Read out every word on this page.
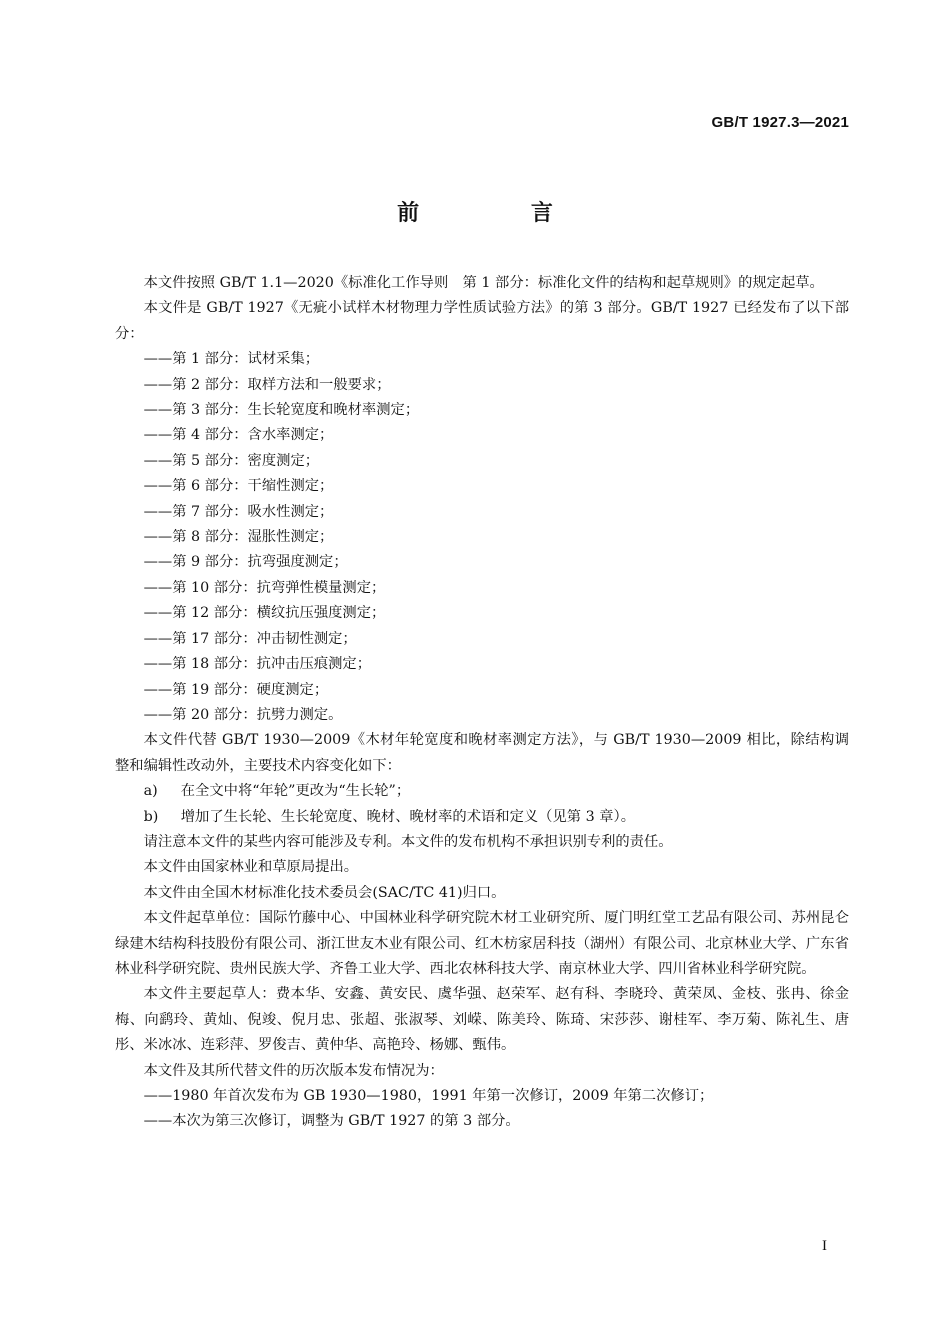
GB/T 1927.3—2021
前 言

本文件按照 GB/T 1.1—2020《标准化工作导则　第 1 部分：标准化文件的结构和起草规则》的规定起草。

本文件是 GB/T 1927《无疵小试样木材物理力学性质试验方法》的第 3 部分。GB/T 1927 已经发布了以下部分：

——第 1 部分：试材采集；

——第 2 部分：取样方法和一般要求；

——第 3 部分：生长轮宽度和晚材率测定；

——第 4 部分：含水率测定；

——第 5 部分：密度测定；

——第 6 部分：干缩性测定；

——第 7 部分：吸水性测定；

——第 8 部分：湿胀性测定；

——第 9 部分：抗弯强度测定；

——第 10 部分：抗弯弹性模量测定；

——第 12 部分：横纹抗压强度测定；

——第 17 部分：冲击韧性测定；

——第 18 部分：抗冲击压痕测定；

——第 19 部分：硬度测定；

——第 20 部分：抗劈力测定。

本文件代替 GB/T 1930—2009《木材年轮宽度和晚材率测定方法》，与 GB/T 1930—2009 相比，除结构调整和编辑性改动外，主要技术内容变化如下：

a) 在全文中将“年轮”更改为“生长轮”；

b) 增加了生长轮、生长轮宽度、晚材、晚材率的术语和定义（见第 3 章）。

请注意本文件的某些内容可能涉及专利。本文件的发布机构不承担识别专利的责任。

本文件由国家林业和草原局提出。

本文件由全国木材标准化技术委员会(SAC/TC 41)归口。

本文件起草单位：国际竹藤中心、中国林业科学研究院木材工业研究所、厦门明红堂工艺品有限公司、苏州昆仑绿建木结构科技股份有限公司、浙江世友木业有限公司、红木枋家居科技（湖州）有限公司、北京林业大学、广东省林业科学研究院、贵州民族大学、齐鲁工业大学、西北农林科技大学、南京林业大学、四川省林业科学研究院。

本文件主要起草人：费本华、安鑫、黄安民、虞华强、赵荣军、赵有科、李晓玲、黄荣凤、金枝、张冉、徐金梅、向鹞玲、黄灿、倪竣、倪月忠、张超、张淑琴、刘嵘、陈美玲、陈琦、宋莎莎、谢桂军、李万菊、陈礼生、唐彤、米冰冰、连彩萍、罗俊吉、黄仲华、高艳玲、杨娜、甄伟。

本文件及其所代替文件的历次版本发布情况为：

——1980 年首次发布为 GB 1930—1980，1991 年第一次修订，2009 年第二次修订；

——本次为第三次修订，调整为 GB/T 1927 的第 3 部分。

I
